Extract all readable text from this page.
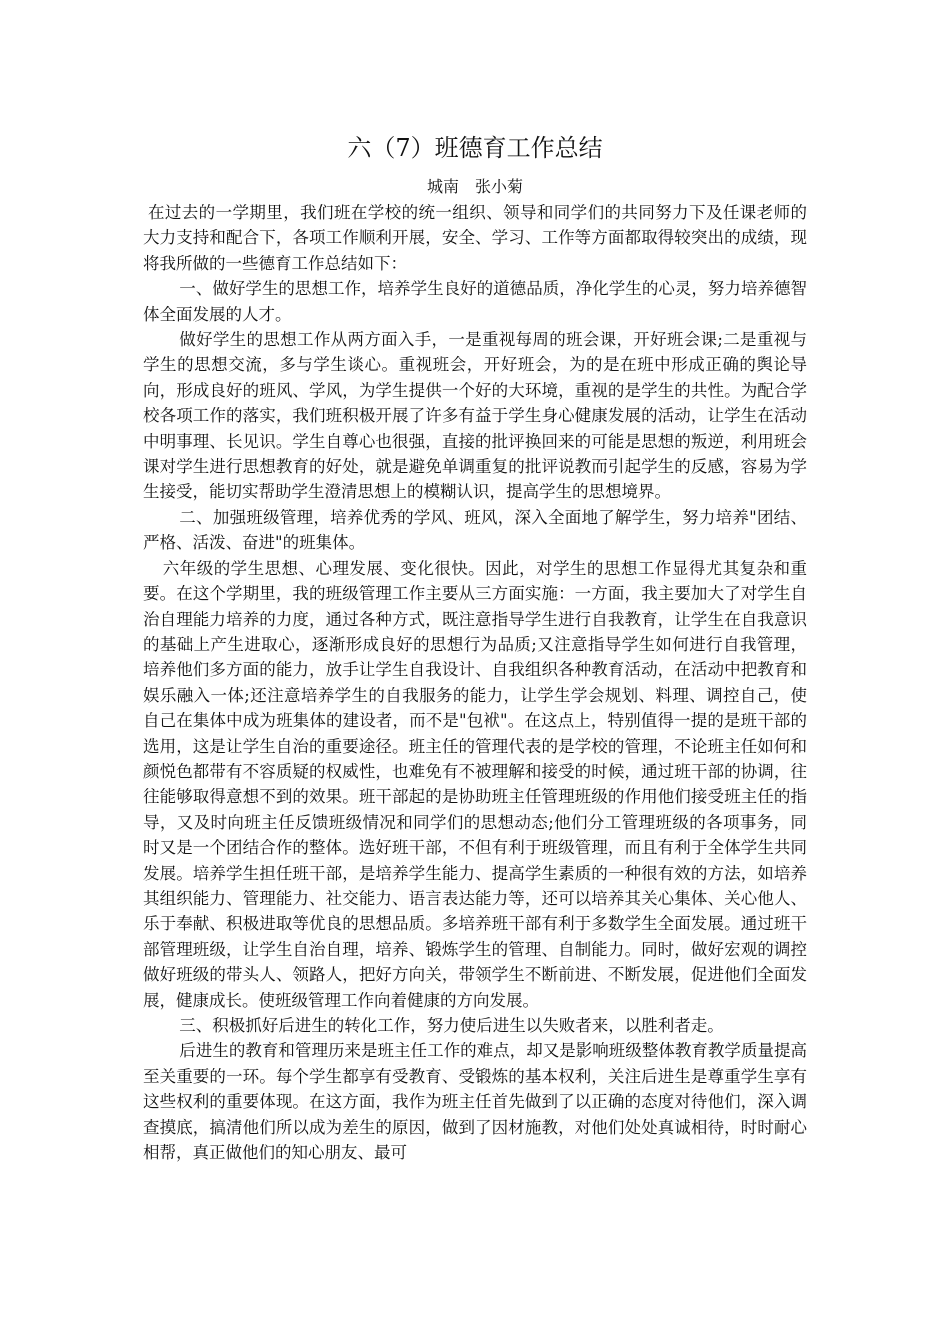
六（7）班德育工作总结
城南　张小菊

在过去的一学期里，我们班在学校的统一组织、领导和同学们的共同努力下及任课老师的大力支持和配合下，各项工作顺利开展，安全、学习、工作等方面都取得较突出的成绩，现将我所做的一些德育工作总结如下：

一、做好学生的思想工作，培养学生良好的道德品质，净化学生的心灵，努力培养德智体全面发展的人才。

做好学生的思想工作从两方面入手，一是重视每周的班会课，开好班会课;二是重视与学生的思想交流，多与学生谈心。重视班会，开好班会，为的是在班中形成正确的舆论导向，形成良好的班风、学风，为学生提供一个好的大环境，重视的是学生的共性。为配合学校各项工作的落实，我们班积极开展了许多有益于学生身心健康发展的活动，让学生在活动中明事理、长见识。学生自尊心也很强，直接的批评换回来的可能是思想的叛逆，利用班会课对学生进行思想教育的好处，就是避免单调重复的批评说教而引起学生的反感，容易为学生接受，能切实帮助学生澄清思想上的模糊认识，提高学生的思想境界。

二、加强班级管理，培养优秀的学风、班风，深入全面地了解学生，努力培养"团结、严格、活泼、奋进"的班集体。

六年级的学生思想、心理发展、变化很快。因此，对学生的思想工作显得尤其复杂和重要。在这个学期里，我的班级管理工作主要从三方面实施：一方面，我主要加大了对学生自治自理能力培养的力度，通过各种方式，既注意指导学生进行自我教育，让学生在自我意识的基础上产生进取心，逐渐形成良好的思想行为品质;又注意指导学生如何进行自我管理，培养他们多方面的能力，放手让学生自我设计、自我组织各种教育活动，在活动中把教育和娱乐融入一体;还注意培养学生的自我服务的能力，让学生学会规划、料理、调控自己，使自己在集体中成为班集体的建设者，而不是"包袱"。在这点上，特别值得一提的是班干部的选用，这是让学生自治的重要途径。班主任的管理代表的是学校的管理，不论班主任如何和颜悦色都带有不容质疑的权威性，也难免有不被理解和接受的时候，通过班干部的协调，往往能够取得意想不到的效果。班干部起的是协助班主任管理班级的作用他们接受班主任的指导，又及时向班主任反馈班级情况和同学们的思想动态;他们分工管理班级的各项事务，同时又是一个团结合作的整体。选好班干部，不但有利于班级管理，而且有利于全体学生共同发展。培养学生担任班干部，是培养学生能力、提高学生素质的一种很有效的方法，如培养其组织能力、管理能力、社交能力、语言表达能力等，还可以培养其关心集体、关心他人、乐于奉献、积极进取等优良的思想品质。多培养班干部有利于多数学生全面发展。通过班干部管理班级，让学生自治自理，培养、锻炼学生的管理、自制能力。同时，做好宏观的调控做好班级的带头人、领路人，把好方向关，带领学生不断前进、不断发展，促进他们全面发展，健康成长。使班级管理工作向着健康的方向发展。

三、积极抓好后进生的转化工作，努力使后进生以失败者来，以胜利者走。

后进生的教育和管理历来是班主任工作的难点，却又是影响班级整体教育教学质量提高至关重要的一环。每个学生都享有受教育、受锻炼的基本权利，关注后进生是尊重学生享有这些权利的重要体现。在这方面，我作为班主任首先做到了以正确的态度对待他们，深入调查摸底，搞清他们所以成为差生的原因，做到了因材施教，对他们处处真诚相待，时时耐心相帮，真正做他们的知心朋友、最可
